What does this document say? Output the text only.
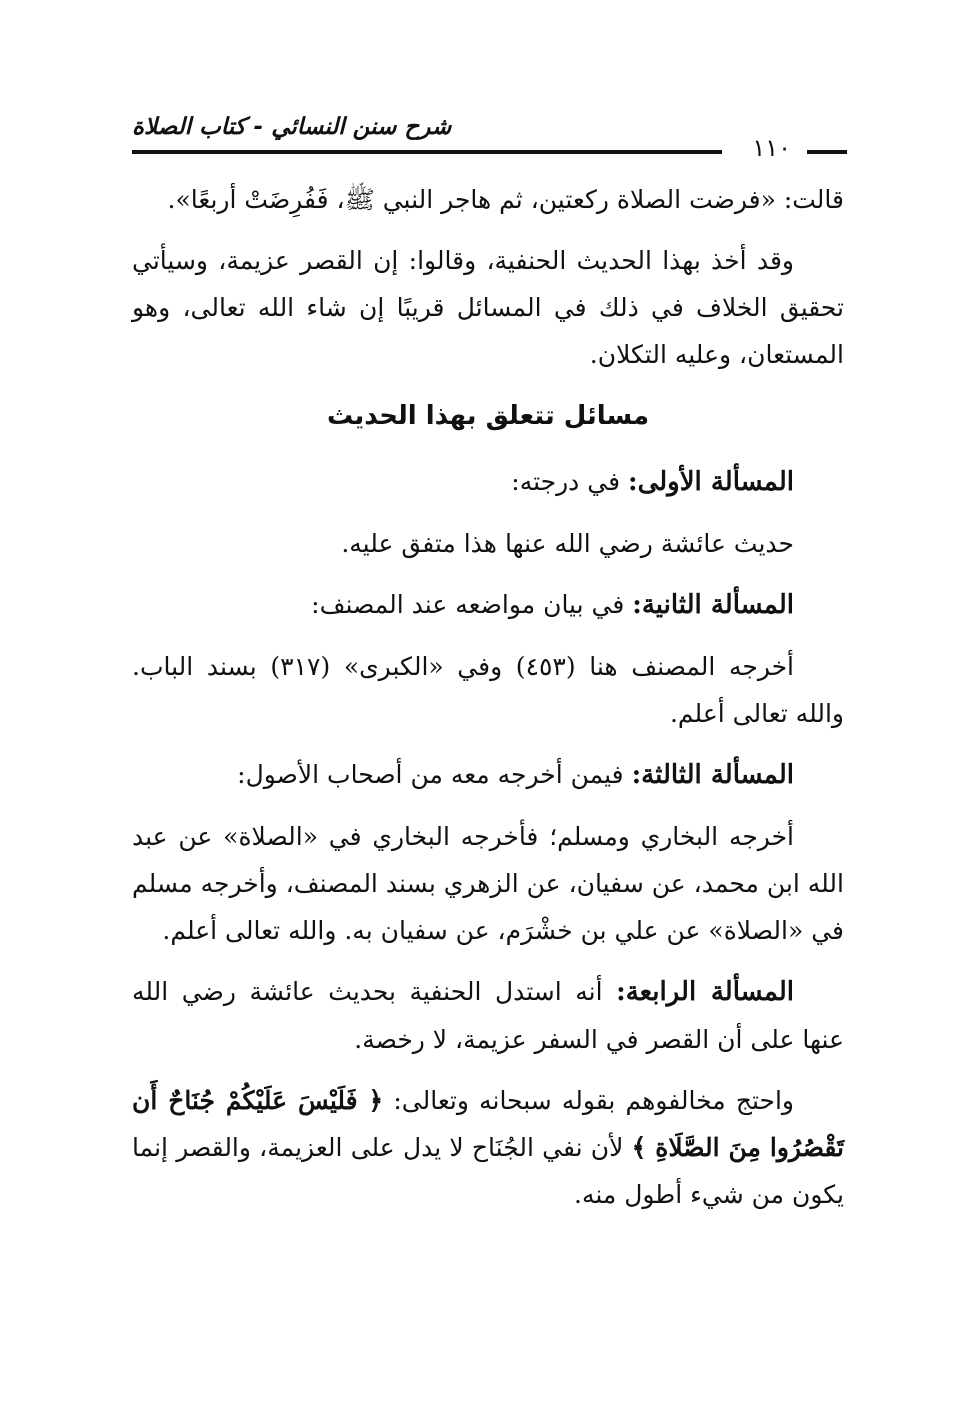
شرح سنن النسائي - كتاب الصلاة
١١٠

قالت: «فرضت الصلاة ركعتين، ثم هاجر النبي ﷺ، فَفُرِضَتْ أربعًا».

وقد أخذ بهذا الحديث الحنفية، وقالوا: إن القصر عزيمة، وسيأتي تحقيق الخلاف في ذلك في المسائل قريبًا إن شاء الله تعالى، وهو المستعان، وعليه التكلان.

مسائل تتعلق بهذا الحديث

المسألة الأولى: في درجته:

حديث عائشة رضي الله عنها هذا متفق عليه.

المسألة الثانية: في بيان مواضعه عند المصنف:

أخرجه المصنف هنا (٤٥٣) وفي «الكبرى» (٣١٧) بسند الباب. والله تعالى أعلم.

المسألة الثالثة: فيمن أخرجه معه من أصحاب الأصول:

أخرجه البخاري ومسلم؛ فأخرجه البخاري في «الصلاة» عن عبد الله ابن محمد، عن سفيان، عن الزهري بسند المصنف، وأخرجه مسلم في «الصلاة» عن علي بن خشْرَم، عن سفيان به. والله تعالى أعلم.

المسألة الرابعة: أنه استدل الحنفية بحديث عائشة رضي الله عنها على أن القصر في السفر عزيمة، لا رخصة.

واحتج مخالفوهم بقوله سبحانه وتعالى: ﴿ فَلَيْسَ عَلَيْكُمْ جُنَاحٌ أَن تَقْصُرُوا مِنَ الصَّلَاةِ ﴾ لأن نفي الجُنَاح لا يدل على العزيمة، والقصر إنما يكون من شيء أطول منه.
